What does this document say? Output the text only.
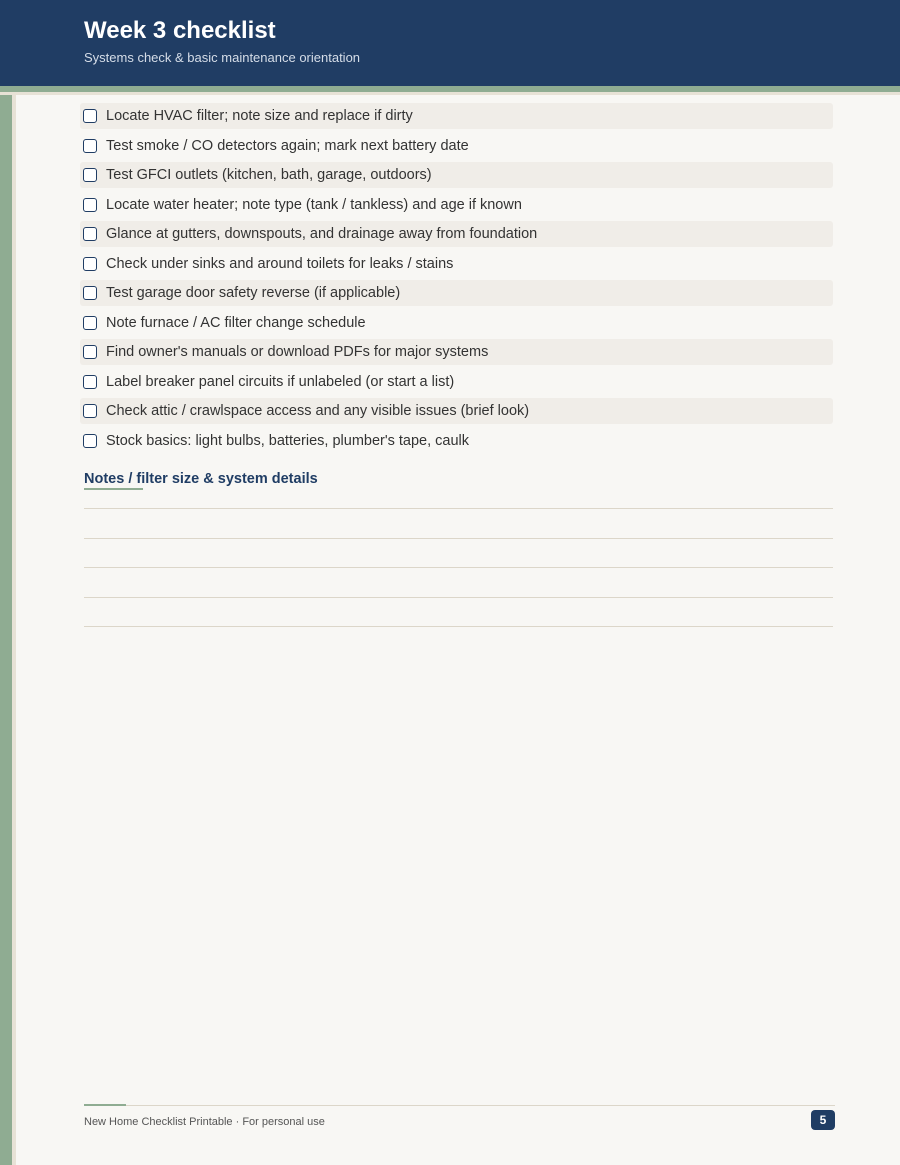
Week 3 checklist
Systems check & basic maintenance orientation
Locate HVAC filter; note size and replace if dirty
Test smoke / CO detectors again; mark next battery date
Test GFCI outlets (kitchen, bath, garage, outdoors)
Locate water heater; note type (tank / tankless) and age if known
Glance at gutters, downspouts, and drainage away from foundation
Check under sinks and around toilets for leaks / stains
Test garage door safety reverse (if applicable)
Note furnace / AC filter change schedule
Find owner's manuals or download PDFs for major systems
Label breaker panel circuits if unlabeled (or start a list)
Check attic / crawlspace access and any visible issues (brief look)
Stock basics: light bulbs, batteries, plumber's tape, caulk
Notes / filter size & system details
New Home Checklist Printable · For personal use	5
